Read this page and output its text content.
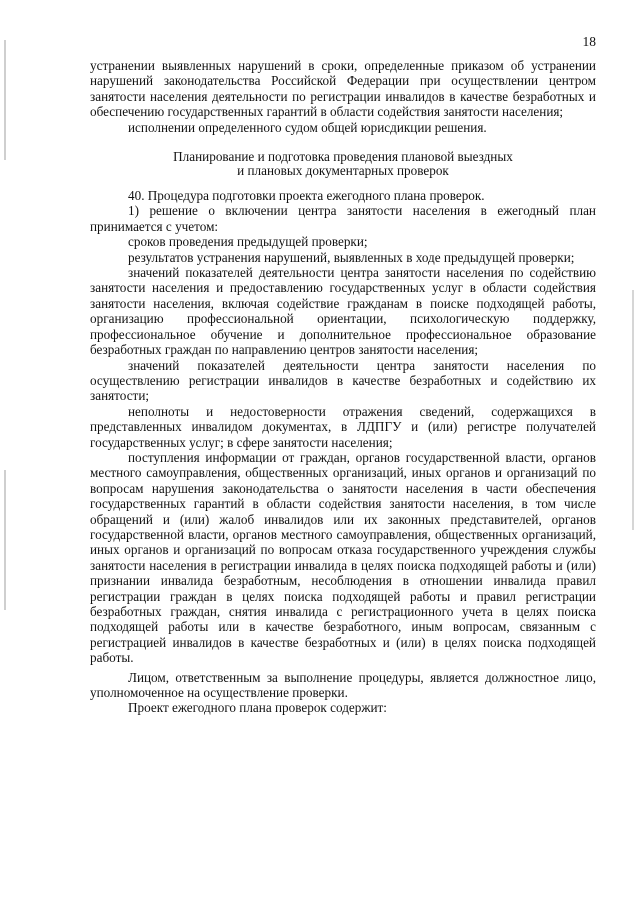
18

устранении выявленных нарушений в сроки, определенные приказом об устранении нарушений законодательства Российской Федерации при осуществлении центром занятости населения деятельности по регистрации инвалидов в качестве безработных и обеспечению государственных гарантий в области содействия занятости населения;

исполнении определенного судом общей юрисдикции решения.

Планирование и подготовка проведения плановой выездных
и плановых документарных проверок

40. Процедура подготовки проекта ежегодного плана проверок.

1) решение о включении центра занятости населения в ежегодный план принимается с учетом:

сроков проведения предыдущей проверки;

результатов устранения нарушений, выявленных в ходе предыдущей проверки;

значений показателей деятельности центра занятости населения по содействию занятости населения и предоставлению государственных услуг в области содействия занятости населения, включая содействие гражданам в поиске подходящей работы, организацию профессиональной ориентации, психологическую поддержку, профессиональное обучение и дополнительное профессиональное образование безработных граждан по направлению центров занятости населения;

значений показателей деятельности центра занятости населения по осуществлению регистрации инвалидов в качестве безработных и содействию их занятости;

неполноты и недостоверности отражения сведений, содержащихся в представленных инвалидом документах, в ЛДПГУ и (или) регистре получателей государственных услуг; в сфере занятости населения;

поступления информации от граждан, органов государственной власти, органов местного самоуправления, общественных организаций, иных органов и организаций по вопросам нарушения законодательства о занятости населения в части обеспечения государственных гарантий в области содействия занятости населения, в том числе обращений и (или) жалоб инвалидов или их законных представителей, органов государственной власти, органов местного самоуправления, общественных организаций, иных органов и организаций по вопросам отказа государственного учреждения службы занятости населения в регистрации инвалида в целях поиска подходящей работы и (или) признании инвалида безработным, несоблюдения в отношении инвалида правил регистрации граждан в целях поиска подходящей работы и правил регистрации безработных граждан, снятия инвалида с регистрационного учета в целях поиска подходящей работы или в качестве безработного, иным вопросам, связанным с регистрацией инвалидов в качестве безработных и (или) в целях поиска подходящей работы.

Лицом, ответственным за выполнение процедуры, является должностное лицо, уполномоченное на осуществление проверки.

Проект ежегодного плана проверок содержит:
